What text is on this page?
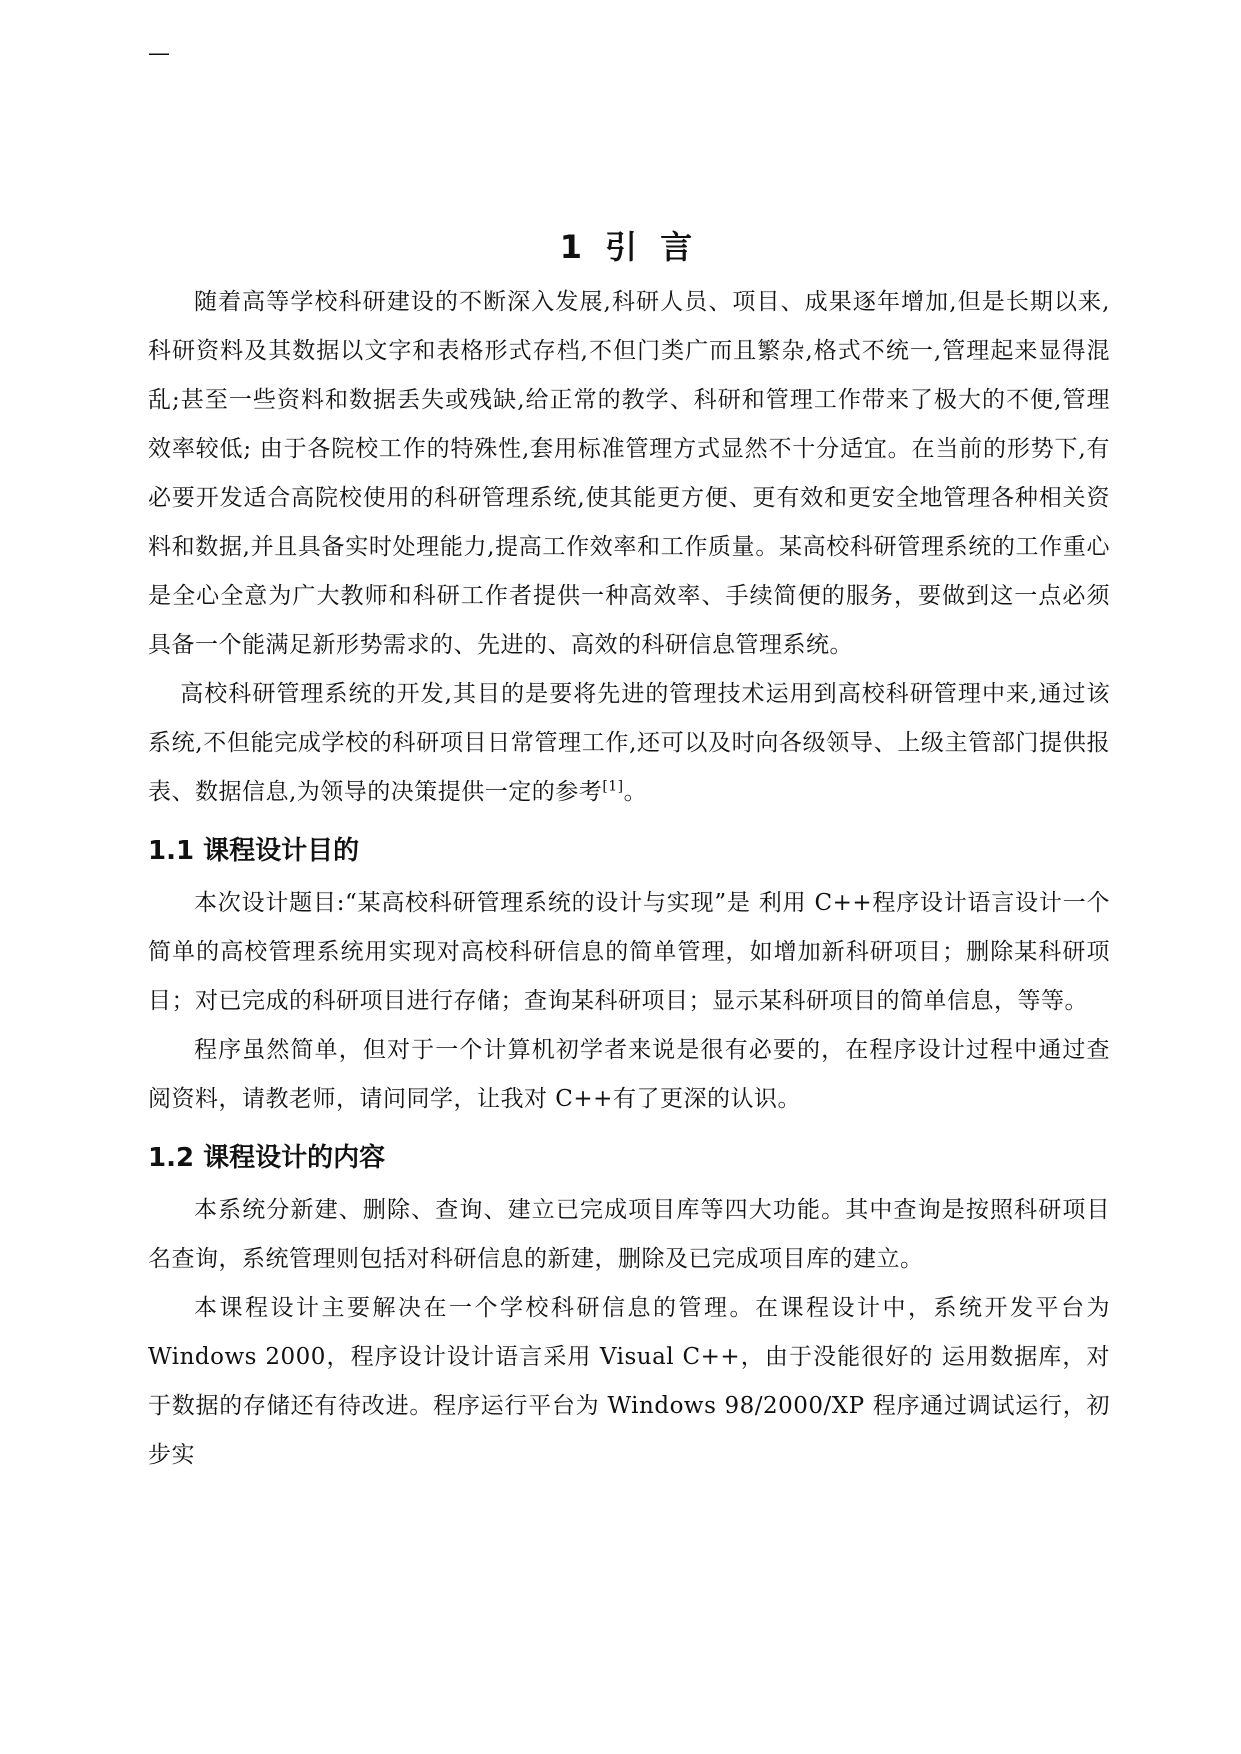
—
1 引 言

随着高等学校科研建设的不断深入发展,科研人员、项目、成果逐年增加,但是长期以来,科研资料及其数据以文字和表格形式存档,不但门类广而且繁杂,格式不统一,管理起来显得混乱;甚至一些资料和数据丢失或残缺,给正常的教学、科研和管理工作带来了极大的不便,管理效率较低; 由于各院校工作的特殊性,套用标准管理方式显然不十分适宜。在当前的形势下,有必要开发适合高院校使用的科研管理系统,使其能更方便、更有效和更安全地管理各种相关资料和数据,并且具备实时处理能力,提高工作效率和工作质量。某高校科研管理系统的工作重心是全心全意为广大教师和科研工作者提供一种高效率、手续简便的服务，要做到这一点必须具备一个能满足新形势需求的、先进的、高效的科研信息管理系统。

高校科研管理系统的开发,其目的是要将先进的管理技术运用到高校科研管理中来,通过该系统,不但能完成学校的科研项目日常管理工作,还可以及时向各级领导、上级主管部门提供报表、数据信息,为领导的决策提供一定的参考[1]。

1.1 课程设计目的

本次设计题目:“某高校科研管理系统的设计与实现”是 利用 C++程序设计语言设计一个简单的高校管理系统用实现对高校科研信息的简单管理，如增加新科研项目；删除某科研项目；对已完成的科研项目进行存储；查询某科研项目；显示某科研项目的简单信息，等等。

程序虽然简单，但对于一个计算机初学者来说是很有必要的，在程序设计过程中通过查阅资料，请教老师，请问同学，让我对 C++有了更深的认识。

1.2 课程设计的内容

本系统分新建、删除、查询、建立已完成项目库等四大功能。其中查询是按照科研项目名查询，系统管理则包括对科研信息的新建，删除及已完成项目库的建立。

本课程设计主要解决在一个学校科研信息的管理。在课程设计中，系统开发平台为 Windows 2000，程序设计设计语言采用 Visual C++，由于没能很好的 运用数据库，对于数据的存储还有待改进。程序运行平台为 Windows 98/2000/XP 程序通过调试运行，初步实
